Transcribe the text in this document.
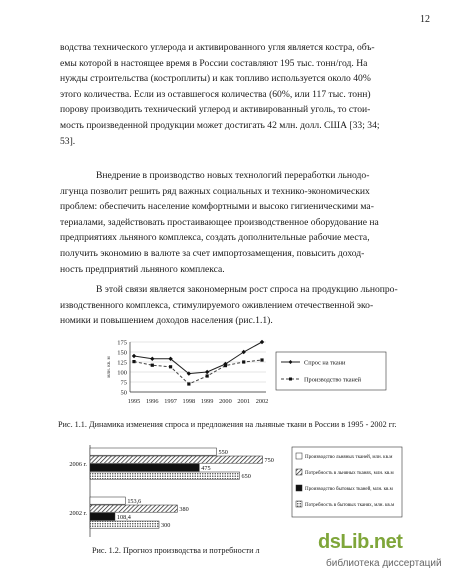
12
водства технического углерода и активированного угля является костра, объ-
емы которой в настоящее время в России составляют 195 тыс. тонн/год. На
нужды строительства (костроплиты) и как топливо используется около 40%
этого количества. Если из оставшегося количества (60%, или 117 тыс. тонн)
порову производить технический углерод и активированный уголь, то стои-
мость произведенной продукции может достигать 42 млн. долл. США [33; 34;
53].
Внедрение в производство новых технологий переработки льнодо-
лгунца позволит решить ряд важных социальных и технико-экономических
проблем: обеспечить население комфортными и высоко гигиеническими ма-
териалами, задействовать простаивающее производственное оборудование на
предприятиях льняного комплекса, создать дополнительные рабочие места,
получить экономию в валюте за счет импортозамещения, повысить доход-
ность предприятий льняного комплекса.
В этой связи является закономерным рост спроса на продукцию льнопро-
изводственного комплекса, стимулируемого оживлением отечественной эко-
номики и повышением доходов населения (рис.1.1).
175
150
125
100
75
50
1995 1996 1997 1998 1999 2000 2001 2002
млн. кв. м	Спрос на ткани
Производство тканей
Рис. 1.1. Динамика изменения спроса и предложения на льняные ткани в России в 1995 - 2002 гг.
2006 г.
550
750
475
650
2002 г.
153,6
380
108,4
300
Производство льняных тканей, млн. кв.м
Потребность в льняных тканях, млн. кв.м
Производство бытовых тканей, млн. кв.м
Потребность в бытовых тканях, млн. кв.м
Рис. 1.2. Прогноз производства и потребности л	dsLib.net
библиотека диссертаций
